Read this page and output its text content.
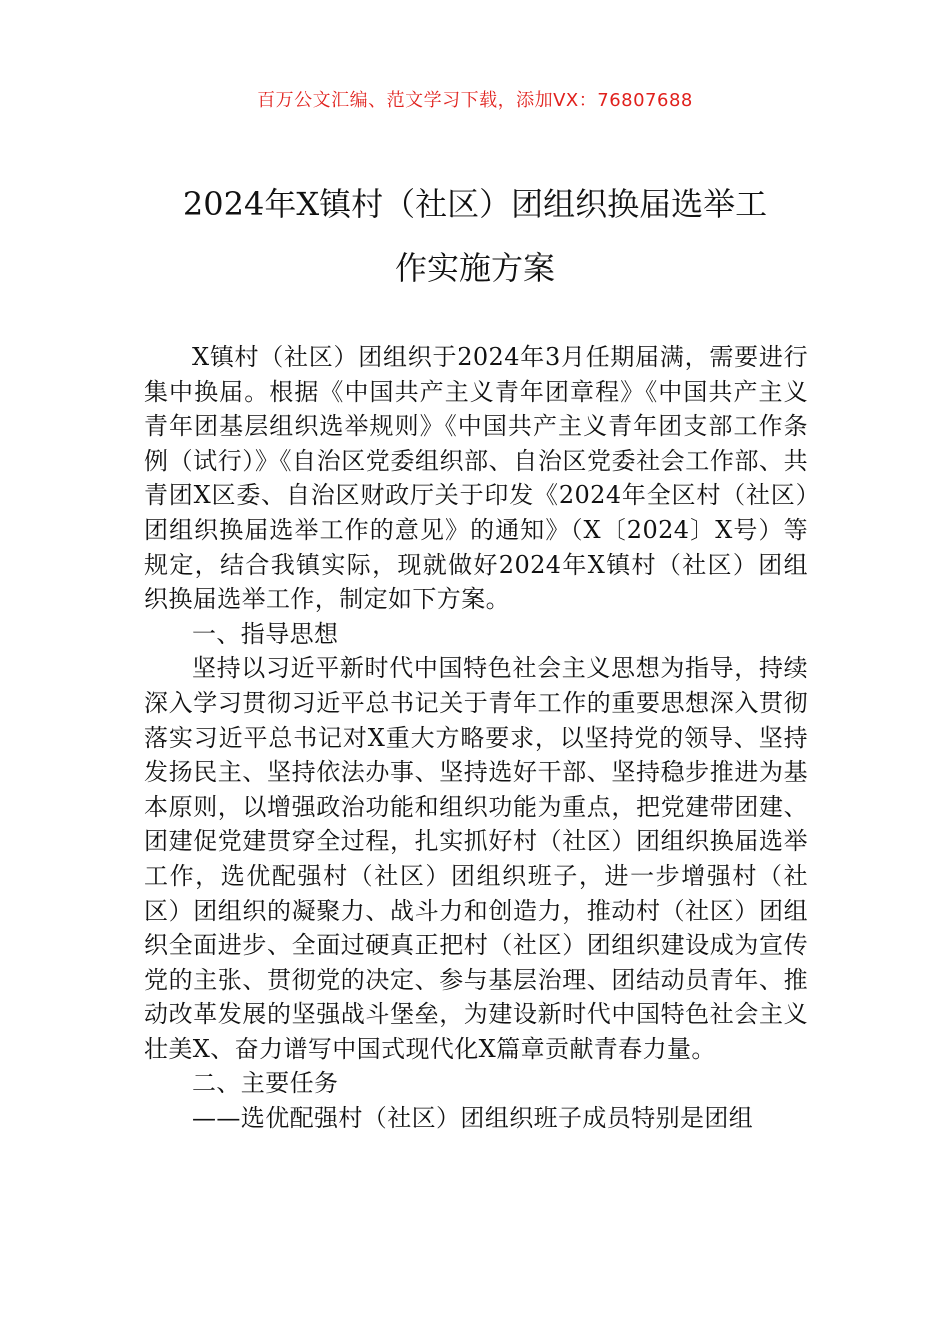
百万公文汇编、范文学习下载，添加VX：76807688
2024年X镇村（社区）团组织换届选举工
作实施方案

X镇村（社区）团组织于2024年3月任期届满，需要进行集中换届。根据《中国共产主义青年团章程》《中国共产主义青年团基层组织选举规则》《中国共产主义青年团支部工作条例（试行）》《自治区党委组织部、自治区党委社会工作部、共青团X区委、自治区财政厅关于印发《2024年全区村（社区）团组织换届选举工作的意见》的通知》（X〔2024〕X号）等规定，结合我镇实际，现就做好2024年X镇村（社区）团组织换届选举工作，制定如下方案。

一、指导思想

坚持以习近平新时代中国特色社会主义思想为指导，持续深入学习贯彻习近平总书记关于青年工作的重要思想深入贯彻落实习近平总书记对X重大方略要求，以坚持党的领导、坚持发扬民主、坚持依法办事、坚持选好干部、坚持稳步推进为基本原则，以增强政治功能和组织功能为重点，把党建带团建、团建促党建贯穿全过程，扎实抓好村（社区）团组织换届选举工作，选优配强村（社区）团组织班子，进一步增强村（社区）团组织的凝聚力、战斗力和创造力，推动村（社区）团组织全面进步、全面过硬真正把村（社区）团组织建设成为宣传党的主张、贯彻党的决定、参与基层治理、团结动员青年、推动改革发展的坚强战斗堡垒，为建设新时代中国特色社会主义壮美X、奋力谱写中国式现代化X篇章贡献青春力量。

二、主要任务

——选优配强村（社区）团组织班子成员特别是团组
